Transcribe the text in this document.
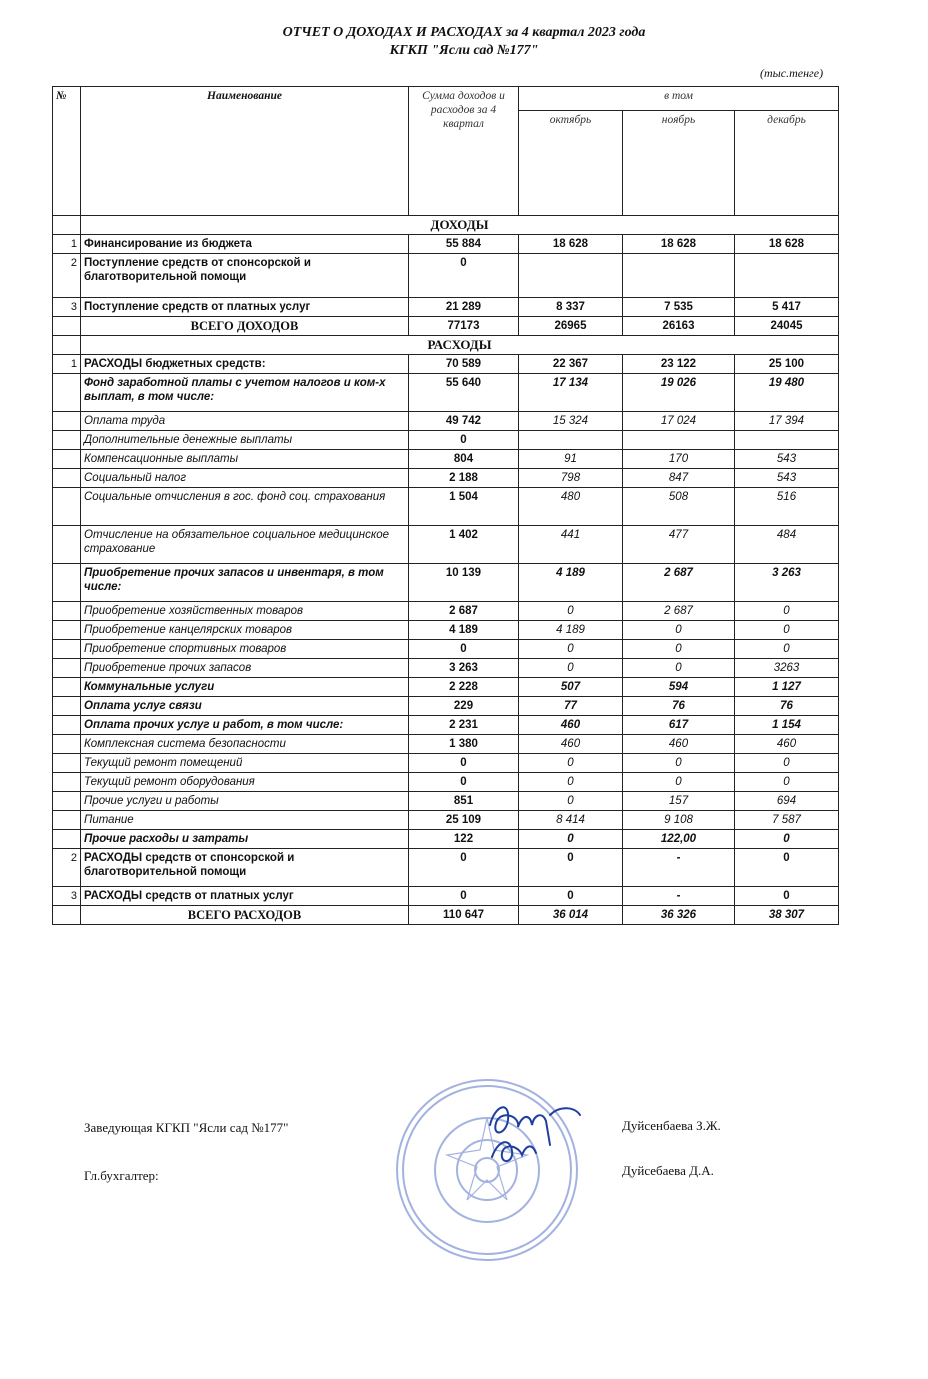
ОТЧЕТ О ДОХОДАХ И РАСХОДАХ за 4 квартал 2023 года
КГКП "Ясли сад №177"
(тыс.тенге)
№	Наименование	Сумма доходов и расходов за 4 квартал	в том		
			октябрь	ноябрь	декабрь
	ДОХОДЫ				
1	Финансирование из бюджета	55 884	18 628	18 628	18 628
2	Поступление средств от спонсорской и благотворительной помощи	0			
3	Поступление средств от платных услуг	21 289	8 337	7 535	5 417
	ВСЕГО ДОХОДОВ	77173	26965	26163	24045
	РАСХОДЫ				
1	РАСХОДЫ бюджетных средств:	70 589	22 367	23 122	25 100
	Фонд заработной платы с учетом налогов и ком-х выплат, в том числе:	55 640	17 134	19 026	19 480
	Оплата труда	49 742	15 324	17 024	17 394
	Дополнительные денежные выплаты	0			
	Компенсационные выплаты	804	91	170	543
	Социальный налог	2 188	798	847	543
	Социальные отчисления в гос. фонд соц. страхования	1 504	480	508	516
	Отчисление на обязательное социальное медицинское страхование	1 402	441	477	484
	Приобретение прочих запасов и инвентаря, в том числе:	10 139	4 189	2 687	3 263
	Приобретение хозяйственных товаров	2 687	0	2 687	0
	Приобретение канцелярских товаров	4 189	4 189	0	0
	Приобретение спортивных товаров	0	0	0	0
	Приобретение прочих запасов	3 263	0	0	3263
	Коммунальные услуги	2 228	507	594	1 127
	Оплата услуг связи	229	77	76	76
	Оплата прочих услуг и работ, в том числе:	2 231	460	617	1 154
	Комплексная система безопасности	1 380	460	460	460
	Текущий ремонт помещений	0	0	0	0
	Текущий ремонт оборудования	0	0	0	0
	Прочие услуги и работы	851	0	157	694
	Питание	25 109	8 414	9 108	7 587
	Прочие расходы и затраты	122	0	122,00	0
2	РАСХОДЫ средств от спонсорской и благотворительной помощи	0	0	-	0
3	РАСХОДЫ средств от платных услуг	0	0	-	0
	ВСЕГО РАСХОДОВ	110 647	36 014	36 326	38 307
Заведующая КГКП "Ясли сад №177"	Дуйсенбаева З.Ж.
Гл.бухгалтер:	Дуйсебаева Д.А.
